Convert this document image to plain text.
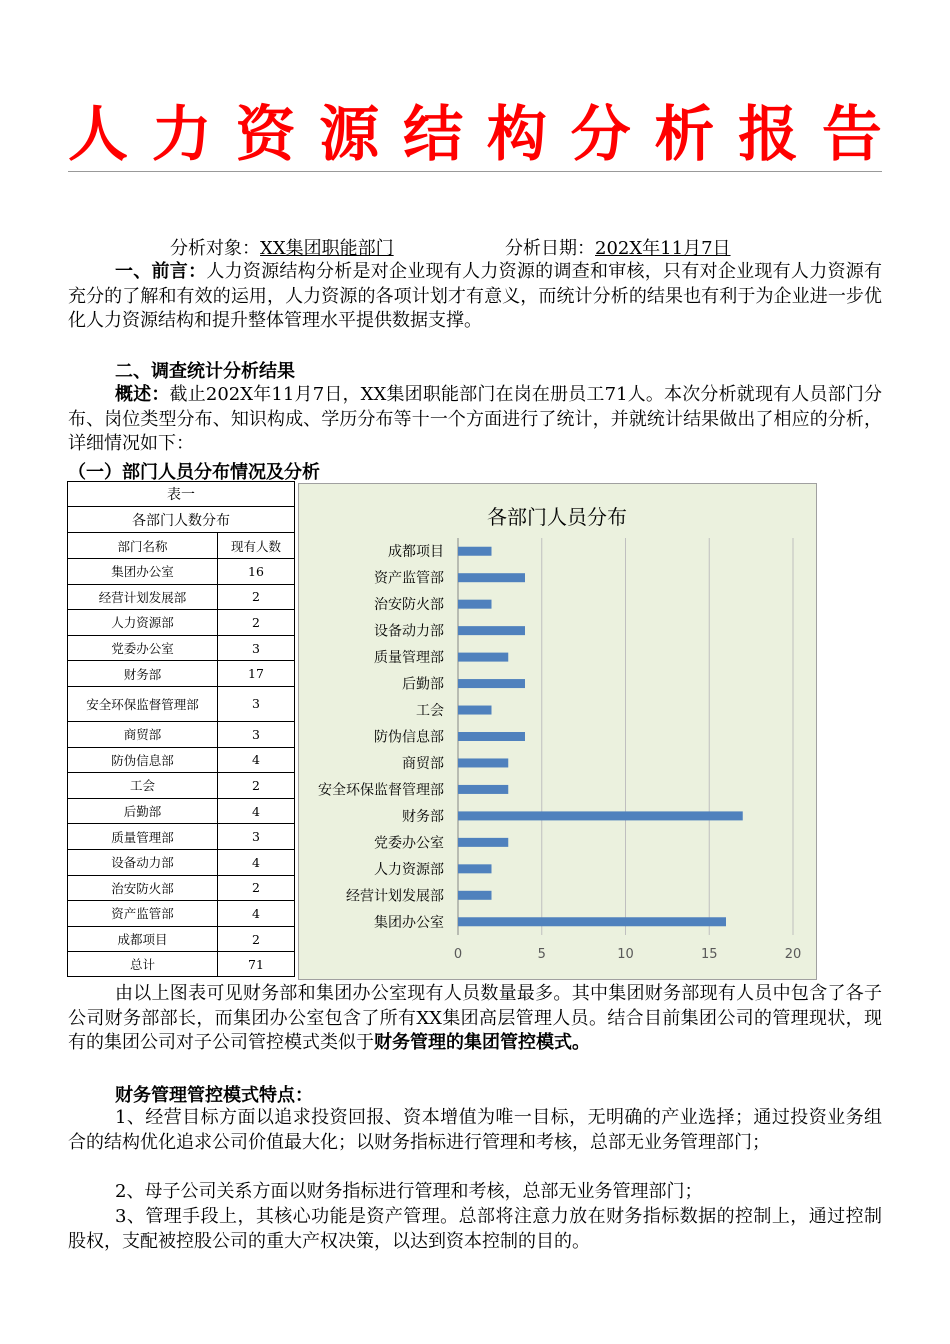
人 力 资 源 结 构 分 析 报 告
分析对象：XX集团职能部门	分析日期：202X年11月7日

一、前言：人力资源结构分析是对企业现有人力资源的调查和审核，只有对企业现有人力资源有充分的了解和有效的运用，人力资源的各项计划才有意义，而统计分析的结果也有利于为企业进一步优化人力资源结构和提升整体管理水平提供数据支撑。

二、调查统计分析结果

概述：截止202X年11月7日，XX集团职能部门在岗在册员工71人。本次分析就现有人员部门分布、岗位类型分布、知识构成、学历分布等十一个方面进行了统计，并就统计结果做出了相应的分析，详细情况如下：

（一）部门人员分布情况及分析
表一	
各部门人数分布	
部门名称	现有人数
集团办公室	16
经营计划发展部	2
人力资源部	2
党委办公室	3
财务部	17
安全环保监督管理部	3
商贸部	3
防伪信息部	4
工会	2
后勤部	4
质量管理部	3
设备动力部	4
治安防火部	2
资产监管部	4
成都项目	2
总计	71
各部门人员分布
0	5	10	15	20
集团办公室
经营计划发展部
人力资源部
党委办公室
财务部
安全环保监督管理部
商贸部
防伪信息部
工会
后勤部
质量管理部
设备动力部
治安防火部
资产监管部
成都项目

由以上图表可见财务部和集团办公室现有人员数量最多。其中集团财务部现有人员中包含了各子公司财务部部长，而集团办公室包含了所有XX集团高层管理人员。结合目前集团公司的管理现状，现有的集团公司对子公司管控模式类似于财务管理的集团管控模式。

财务管理管控模式特点：

1、经营目标方面以追求投资回报、资本增值为唯一目标，无明确的产业选择；通过投资业务组合的结构优化追求公司价值最大化；以财务指标进行管理和考核，总部无业务管理部门；

2、母子公司关系方面以财务指标进行管理和考核，总部无业务管理部门；

3、管理手段上，其核心功能是资产管理。总部将注意力放在财务指标数据的控制上，通过控制股权，支配被控股公司的重大产权决策，以达到资本控制的目的。
